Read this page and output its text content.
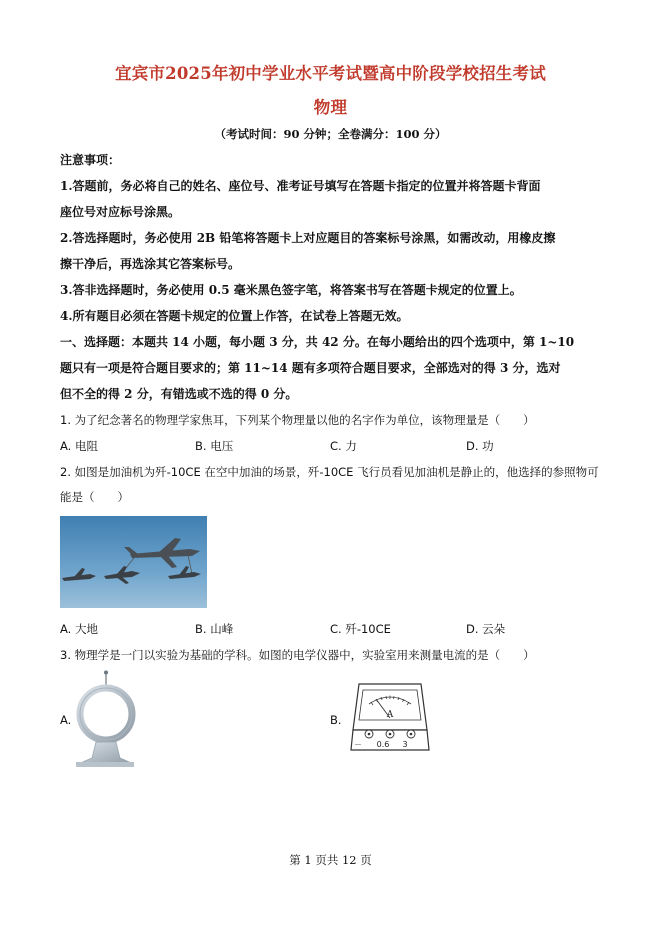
宜宾市2025年初中学业水平考试暨高中阶段学校招生考试
物理
（考试时间：90 分钟；全卷满分：100 分）
注意事项：
1.答题前，务必将自己的姓名、座位号、准考证号填写在答题卡指定的位置并将答题卡背面
座位号对应标号涂黑。
2.答选择题时，务必使用 2B 铅笔将答题卡上对应题目的答案标号涂黑，如需改动，用橡皮擦
擦干净后，再选涂其它答案标号。
3.答非选择题时，务必使用 0.5 毫米黑色签字笔，将答案书写在答题卡规定的位置上。
4.所有题目必须在答题卡规定的位置上作答，在试卷上答题无效。
一、选择题：本题共 14 小题，每小题 3 分，共 42 分。在每小题给出的四个选项中，第 1~10
题只有一项是符合题目要求的；第 11~14 题有多项符合题目要求，全部选对的得 3 分，选对
但不全的得 2 分，有错选或不选的得 0 分。
1. 为了纪念著名的物理学家焦耳，下列某个物理量以他的名字作为单位，该物理量是（　　）
A. 电阻	B. 电压	C. 力	D. 功
2. 如图是加油机为歼-10CE 在空中加油的场景，歼-10CE 飞行员看见加油机是静止的，他选择的参照物可
能是（　　）
A. 大地	B. 山峰	C. 歼-10CE	D. 云朵
3. 物理学是一门以实验为基础的学科。如图的电学仪器中，实验室用来测量电流的是（　　）
A.	B.	A
－ 0.6 3
第 1 页共 12 页
